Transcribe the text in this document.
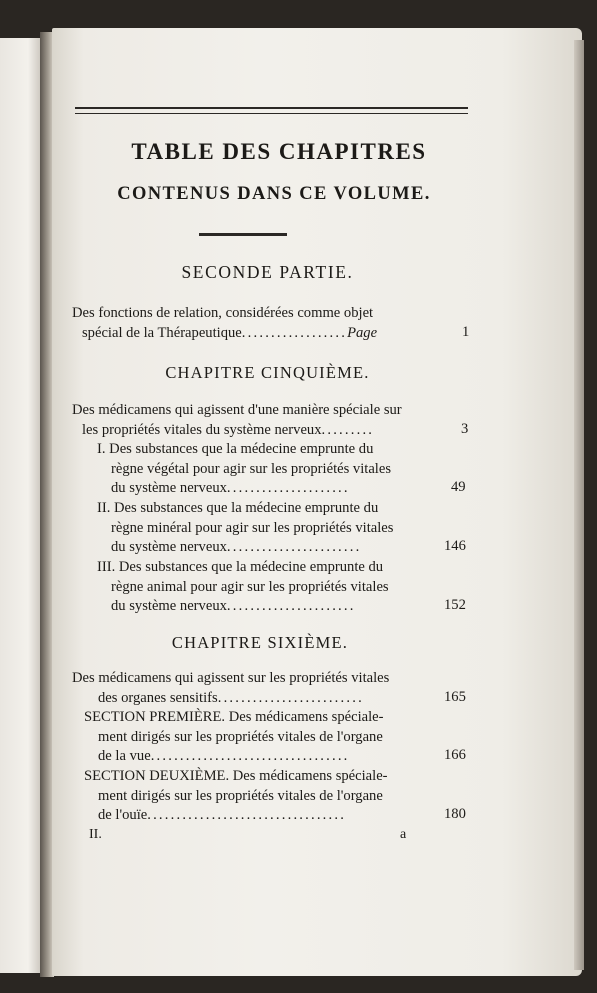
TABLE DES CHAPITRES
CONTENUS DANS CE VOLUME.
SECONDE PARTIE.
Des fonctions de relation, considérées comme objet
spécial de la Thérapeutique..................Page	1
CHAPITRE CINQUIÈME.
Des médicamens qui agissent d'une manière spéciale sur
les propriétés vitales du système nerveux.........	3
I. Des substances que la médecine emprunte du
règne végétal pour agir sur les propriétés vitales
du système nerveux.....................	49
II. Des substances que la médecine emprunte du
règne minéral pour agir sur les propriétés vitales
du système nerveux.......................	146
III. Des substances que la médecine emprunte du
règne animal pour agir sur les propriétés vitales
du système nerveux......................	152
CHAPITRE SIXIÈME.
Des médicamens qui agissent sur les propriétés vitales
des organes sensitifs.........................	165
SECTION PREMIÈRE. Des médicamens spéciale-
ment dirigés sur les propriétés vitales de l'organe
de la vue..................................	166
SECTION DEUXIÈME. Des médicamens spéciale-
ment dirigés sur les propriétés vitales de l'organe
de l'ouïe..................................	180
II.	a
